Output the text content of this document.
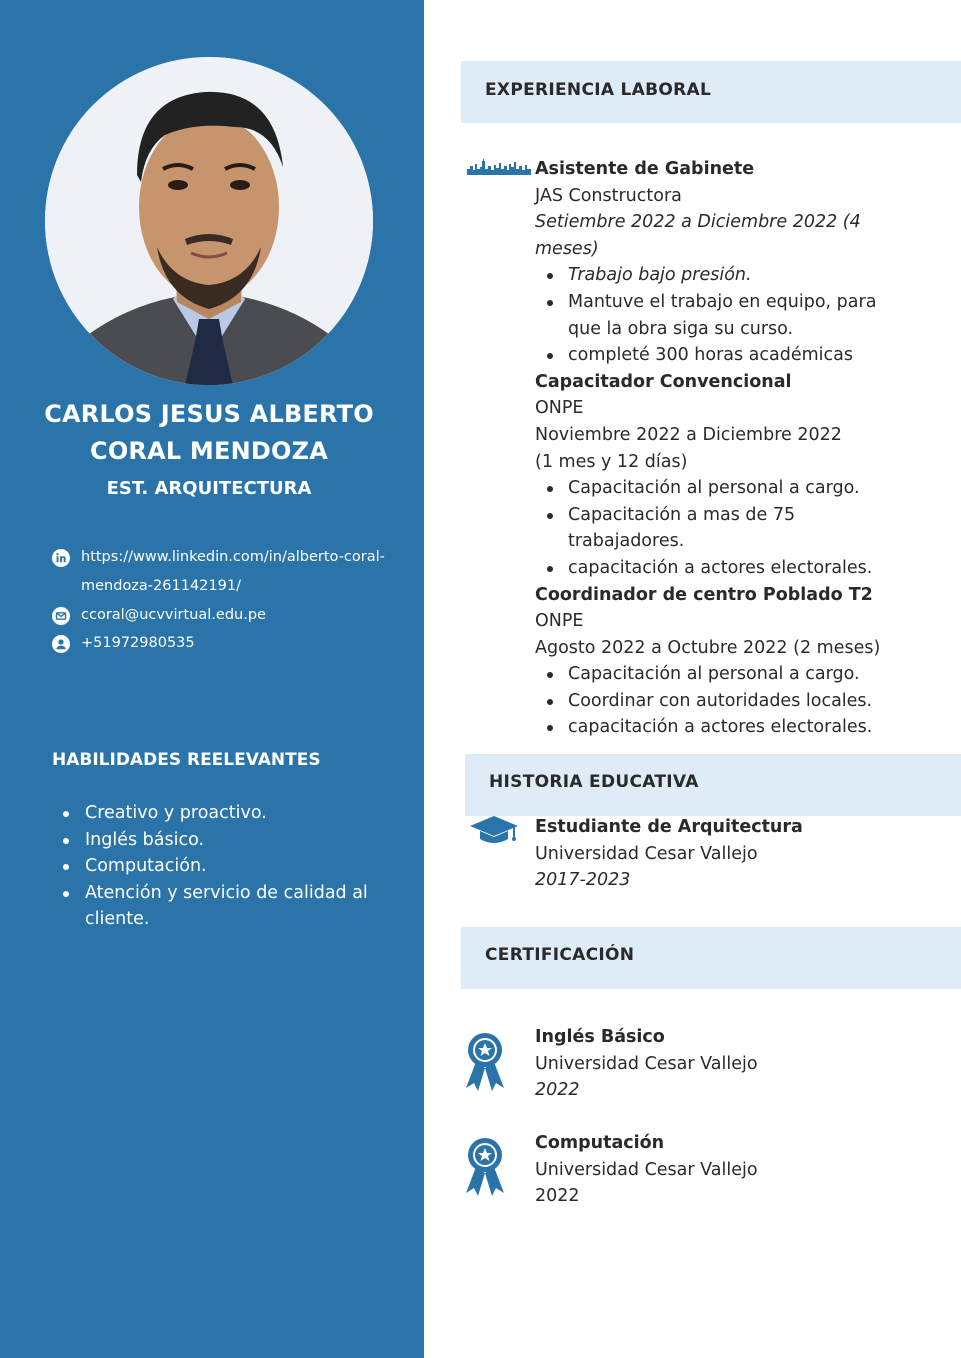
CARLOS JESUS ALBERTO
CORAL MENDOZA
EST. ARQUITECTURA
https://www.linkedin.com/in/alberto-coral-mendoza-261142191/
ccoral@ucvvirtual.edu.pe
+51972980535
HABILIDADES REELEVANTES
Creativo y proactivo.
Inglés básico.
Computación.
Atención y servicio de calidad al cliente.
EXPERIENCIA LABORAL
Asistente de Gabinete
JAS Constructora
Setiembre 2022 a Diciembre 2022 (4 meses)
Trabajo bajo presión.
Mantuve el trabajo en equipo, para que la obra siga su curso.
completé 300 horas académicas
Capacitador Convencional
ONPE
Noviembre 2022 a Diciembre 2022 (1 mes y 12 días)
Capacitación al personal a cargo.
Capacitación a mas de 75 trabajadores.
capacitación a actores electorales.
Coordinador de centro Poblado T2
ONPE
Agosto 2022 a Octubre 2022 (2 meses)
Capacitación al personal a cargo.
Coordinar con autoridades locales.
capacitación a actores electorales.
HISTORIA EDUCATIVA
Estudiante de Arquitectura
Universidad Cesar Vallejo
2017-2023
CERTIFICACIÓN
Inglés Básico
Universidad Cesar Vallejo
2022
Computación
Universidad Cesar Vallejo
2022
